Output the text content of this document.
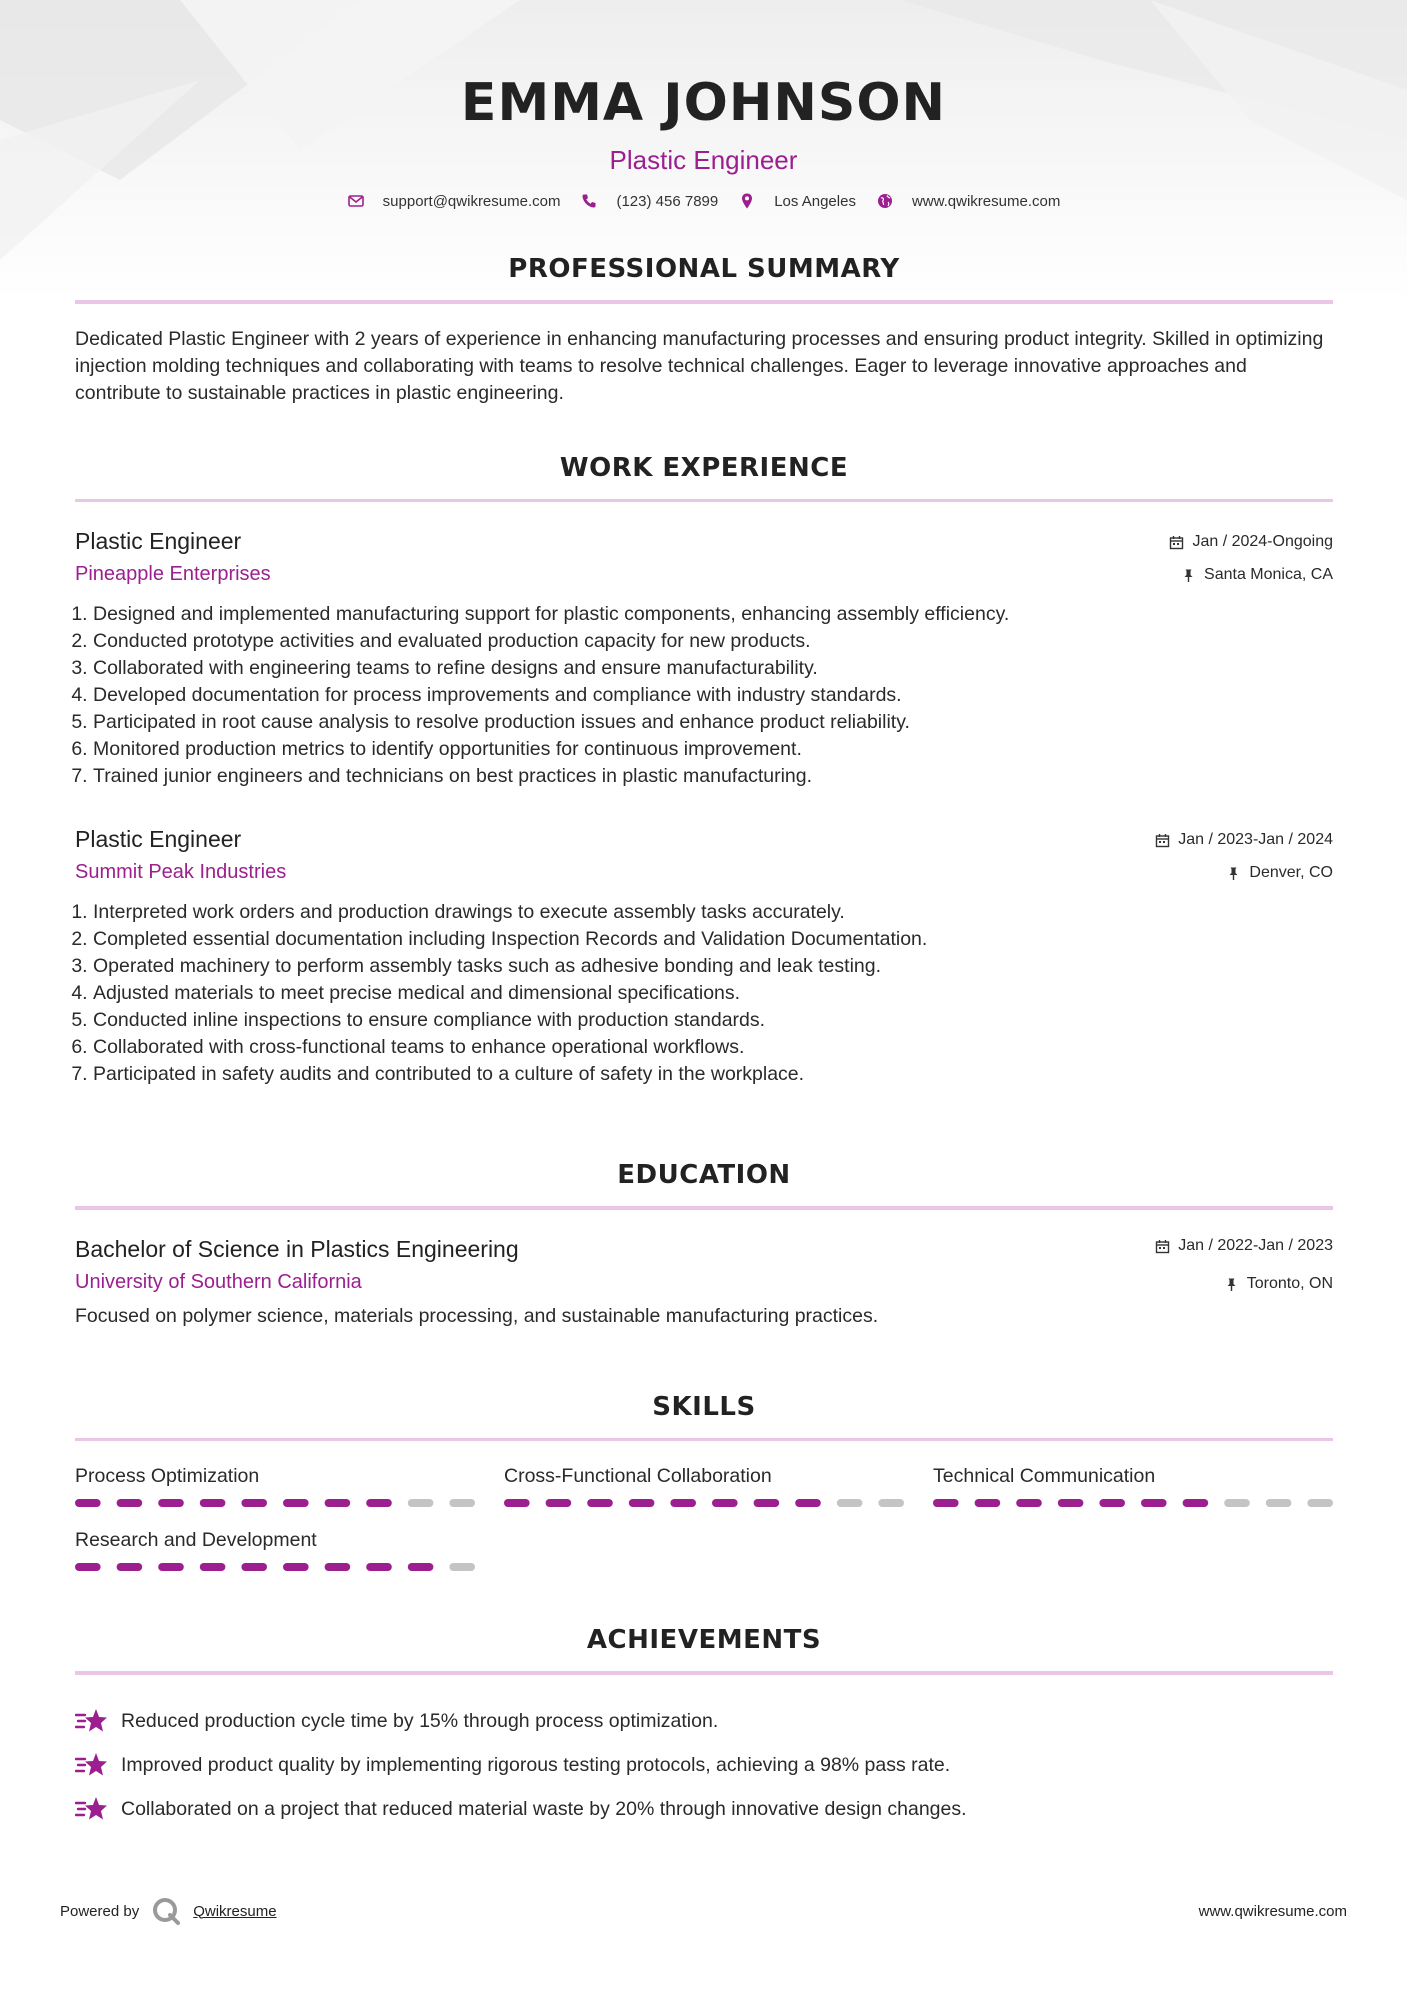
EMMA JOHNSON
Plastic Engineer
support@qwikresume.com	(123) 456 7899	Los Angeles	www.qwikresume.com
PROFESSIONAL SUMMARY
Dedicated Plastic Engineer with 2 years of experience in enhancing manufacturing processes and ensuring product integrity. Skilled in optimizing injection molding techniques and collaborating with teams to resolve technical challenges. Eager to leverage innovative approaches and contribute to sustainable practices in plastic engineering.
WORK EXPERIENCE
Plastic Engineer
Pineapple Enterprises
Jan / 2024-Ongoing
Santa Monica, CA
1. Designed and implemented manufacturing support for plastic components, enhancing assembly efficiency.
2. Conducted prototype activities and evaluated production capacity for new products.
3. Collaborated with engineering teams to refine designs and ensure manufacturability.
4. Developed documentation for process improvements and compliance with industry standards.
5. Participated in root cause analysis to resolve production issues and enhance product reliability.
6. Monitored production metrics to identify opportunities for continuous improvement.
7. Trained junior engineers and technicians on best practices in plastic manufacturing.
Plastic Engineer
Summit Peak Industries
Jan / 2023-Jan / 2024
Denver, CO
1. Interpreted work orders and production drawings to execute assembly tasks accurately.
2. Completed essential documentation including Inspection Records and Validation Documentation.
3. Operated machinery to perform assembly tasks such as adhesive bonding and leak testing.
4. Adjusted materials to meet precise medical and dimensional specifications.
5. Conducted inline inspections to ensure compliance with production standards.
6. Collaborated with cross-functional teams to enhance operational workflows.
7. Participated in safety audits and contributed to a culture of safety in the workplace.
EDUCATION
Bachelor of Science in Plastics Engineering
University of Southern California
Jan / 2022-Jan / 2023
Toronto, ON
Focused on polymer science, materials processing, and sustainable manufacturing practices.
SKILLS
Process Optimization	Cross-Functional Collaboration	Technical Communication
Research and Development
ACHIEVEMENTS
Reduced production cycle time by 15% through process optimization.
Improved product quality by implementing rigorous testing protocols, achieving a 98% pass rate.
Collaborated on a project that reduced material waste by 20% through innovative design changes.
Powered by	Qwikresume	www.qwikresume.com
